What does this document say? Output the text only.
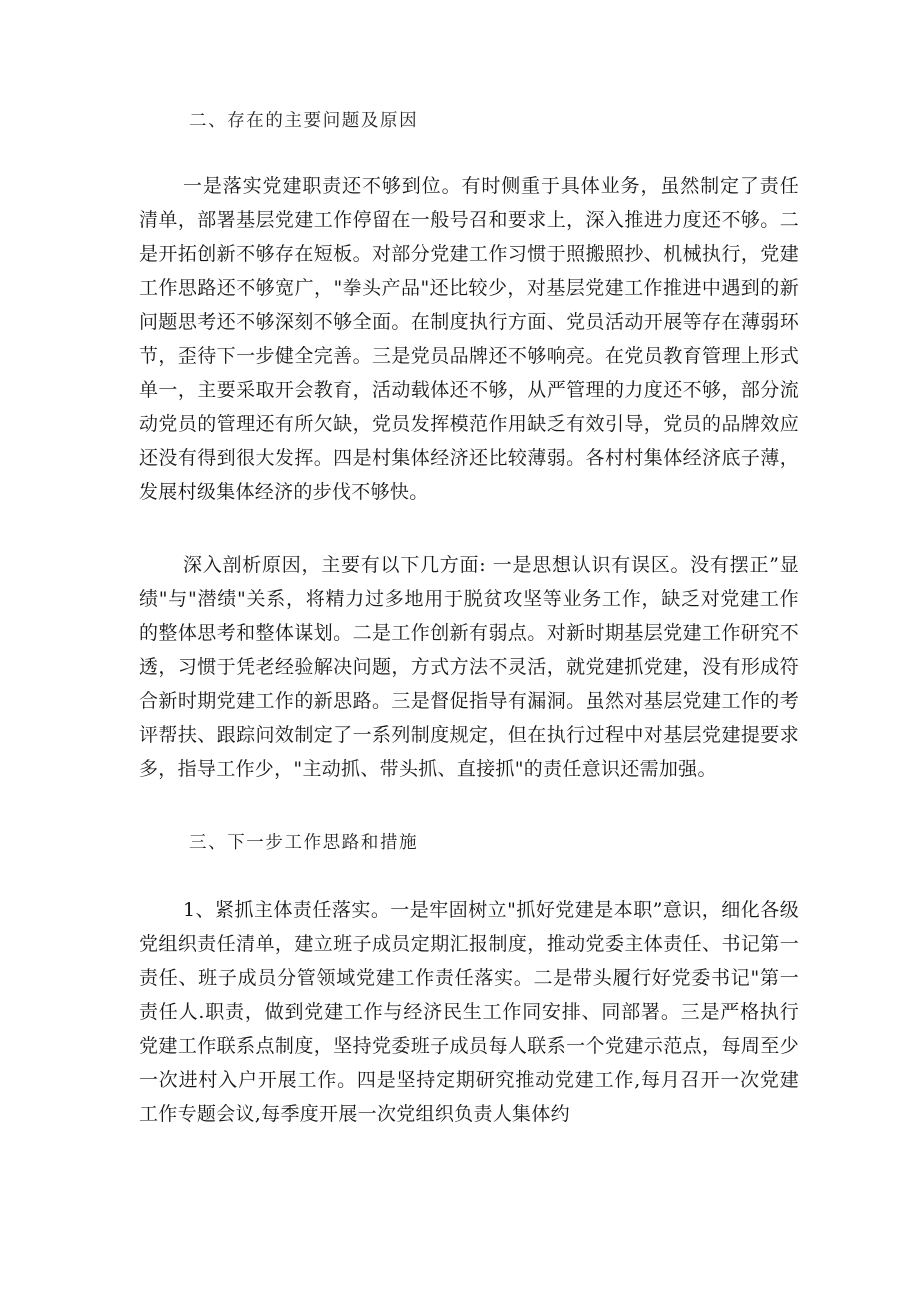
二、存在的主要问题及原因

一是落实党建职责还不够到位。有时侧重于具体业务，虽然制定了责任清单，部署基层党建工作停留在一般号召和要求上，深入推进力度还不够。二是开拓创新不够存在短板。对部分党建工作习惯于照搬照抄、机械执行，党建工作思路还不够宽广，"拳头产品"还比较少，对基层党建工作推进中遇到的新问题思考还不够深刻不够全面。在制度执行方面、党员活动开展等存在薄弱环节，歪待下一步健全完善。三是党员品牌还不够响亮。在党员教育管理上形式单一，主要采取开会教育，活动载体还不够，从严管理的力度还不够，部分流动党员的管理还有所欠缺，党员发挥模范作用缺乏有效引导，党员的品牌效应还没有得到很大发挥。四是村集体经济还比较薄弱。各村村集体经济底子薄，发展村级集体经济的步伐不够快。

深入剖析原因，主要有以下几方面: 一是思想认识有误区。没有摆正”显绩"与"潜绩"关系，将精力过多地用于脱贫攻坚等业务工作，缺乏对党建工作的整体思考和整体谋划。二是工作创新有弱点。对新时期基层党建工作研究不透，习惯于凭老经验解决问题，方式方法不灵活，就党建抓党建，没有形成符合新时期党建工作的新思路。三是督促指导有漏洞。虽然对基层党建工作的考评帮扶、跟踪问效制定了一系列制度规定，但在执行过程中对基层党建提要求多，指导工作少，"主动抓、带头抓、直接抓"的责任意识还需加强。

三、下一步工作思路和措施

1、紧抓主体责任落实。一是牢固树立"抓好党建是本职”意识，细化各级党组织责任清单，建立班子成员定期汇报制度，推动党委主体责任、书记第一责任、班子成员分管领域党建工作责任落实。二是带头履行好党委书记"第一责任人.职责，做到党建工作与经济民生工作同安排、同部署。三是严格执行党建工作联系点制度，坚持党委班子成员每人联系一个党建示范点，每周至少一次进村入户开展工作。四是坚持定期研究推动党建工作,每月召开一次党建工作专题会议,每季度开展一次党组织负责人集体约
